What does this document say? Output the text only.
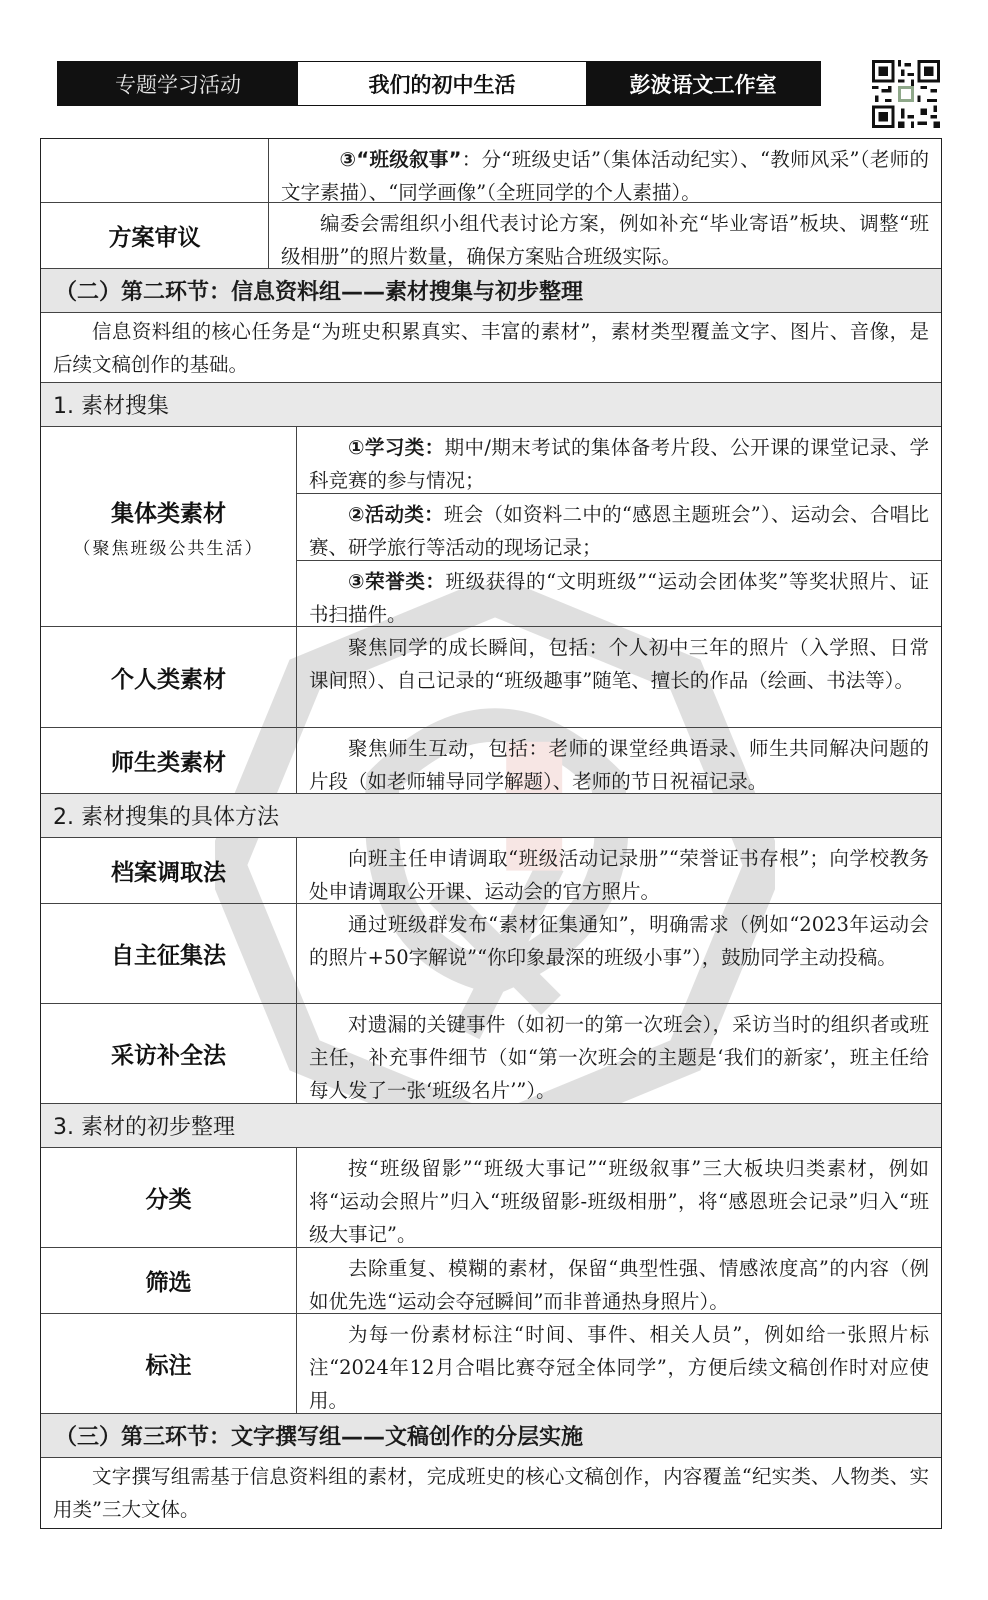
专题学习活动	我们的初中生活	彭波语文工作室
③“班级叙事”：分“班级史话”（集体活动纪实）、“教师风采”（老师的文字素描）、“同学画像”（全班同学的个人素描）。
方案审议
编委会需组织小组代表讨论方案，例如补充“毕业寄语”板块、调整“班级相册”的照片数量，确保方案贴合班级实际。
（二）第二环节：信息资料组——素材搜集与初步整理
信息资料组的核心任务是“为班史积累真实、丰富的素材”，素材类型覆盖文字、图片、音像，是后续文稿创作的基础。
1. 素材搜集
集体类素材
（聚焦班级公共生活）
①学习类：期中/期末考试的集体备考片段、公开课的课堂记录、学科竞赛的参与情况；
②活动类：班会（如资料二中的“感恩主题班会”）、运动会、合唱比赛、研学旅行等活动的现场记录；
③荣誉类：班级获得的“文明班级”“运动会团体奖”等奖状照片、证书扫描件。
个人类素材
聚焦同学的成长瞬间，包括：个人初中三年的照片（入学照、日常课间照）、自己记录的“班级趣事”随笔、擅长的作品（绘画、书法等）。
师生类素材
聚焦师生互动，包括：老师的课堂经典语录、师生共同解决问题的片段（如老师辅导同学解题）、老师的节日祝福记录。
2. 素材搜集的具体方法
档案调取法
向班主任申请调取“班级活动记录册”“荣誉证书存根”；向学校教务处申请调取公开课、运动会的官方照片。
自主征集法
通过班级群发布“素材征集通知”，明确需求（例如“2023年运动会的照片+50字解说”“你印象最深的班级小事”），鼓励同学主动投稿。
采访补全法
对遗漏的关键事件（如初一的第一次班会），采访当时的组织者或班主任，补充事件细节（如“第一次班会的主题是‘我们的新家’，班主任给每人发了一张‘班级名片’”）。
3. 素材的初步整理
分类
按“班级留影”“班级大事记”“班级叙事”三大板块归类素材，例如将“运动会照片”归入“班级留影-班级相册”，将“感恩班会记录”归入“班级大事记”。
筛选
去除重复、模糊的素材，保留“典型性强、情感浓度高”的内容（例如优先选“运动会夺冠瞬间”而非普通热身照片）。
标注
为每一份素材标注“时间、事件、相关人员”，例如给一张照片标注“2024年12月合唱比赛夺冠全体同学”，方便后续文稿创作时对应使用。
（三）第三环节：文字撰写组——文稿创作的分层实施
文字撰写组需基于信息资料组的素材，完成班史的核心文稿创作，内容覆盖“纪实类、人物类、实用类”三大文体。
